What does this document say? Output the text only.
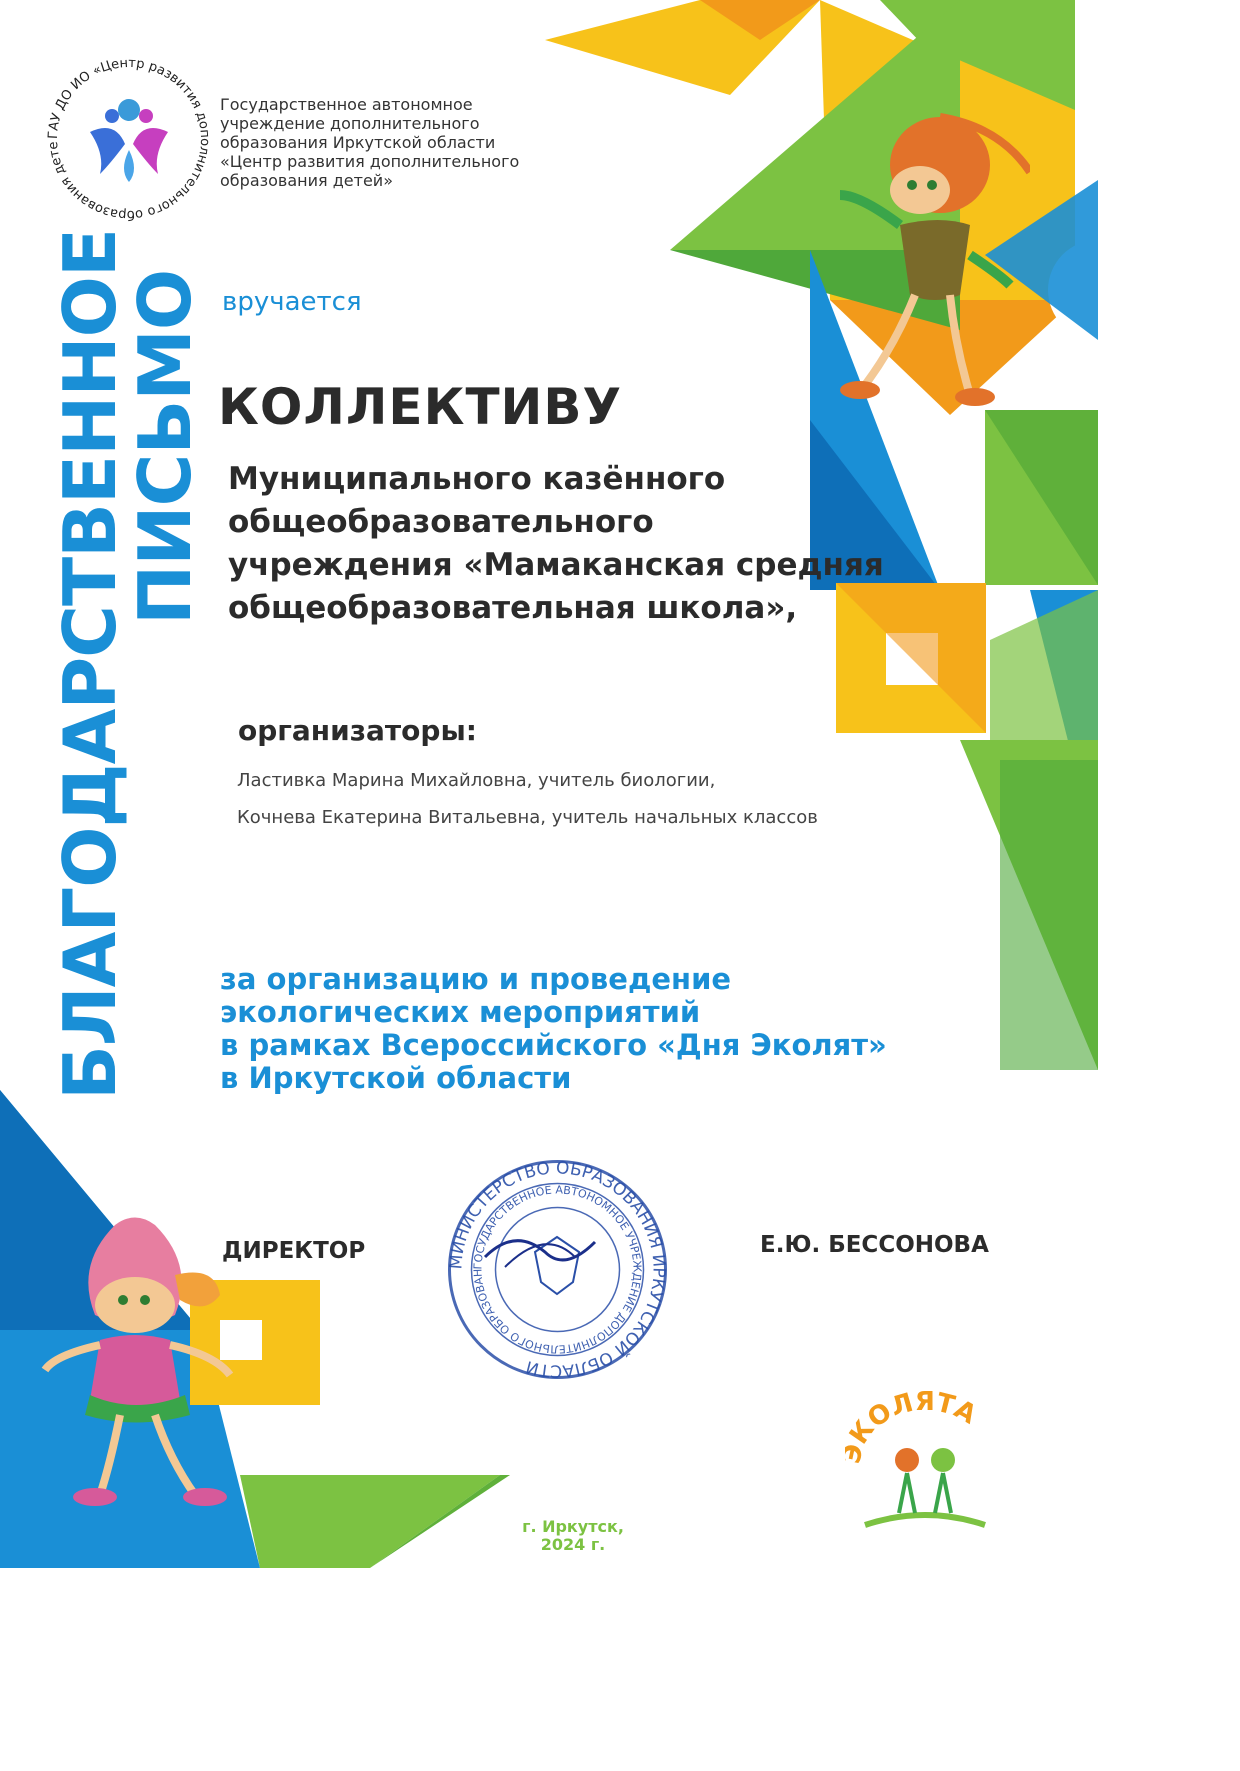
ГАУ ДО ИО «Центр развития дополнительного образования дете
Государственное автономное
учреждение дополнительного
образования Иркутской области
«Центр развития дополнительного
образования детей»
БЛАГОДАРСТВЕННОЕ
ПИСЬМО вручается
КОЛЛЕКТИВУ
Муниципального казённого
общеобразовательного
учреждения «Мамаканская средняя
общеобразовательная школа»,
организаторы:
Ластивка Марина Михайловна, учитель биологии,
Кочнева Екатерина Витальевна, учитель начальных классов
за организацию и проведение
экологических мероприятий
в рамках Всероссийского «Дня Эколят»
в Иркутской области
ДИРЕКТОР	Е.Ю. БЕССОНОВА
МИНИСТЕРСТВО ОБРАЗОВАНИЯ ИРКУТСКОЙ ОБЛАСТИ
ГОСУДАРСТВЕННОЕ АВТОНОМНОЕ УЧРЕЖДЕНИЕ ДОПОЛНИТЕЛЬНОГО ОБРАЗОВАН
г. Иркутск,
2024 г.
КОЛЯТА
